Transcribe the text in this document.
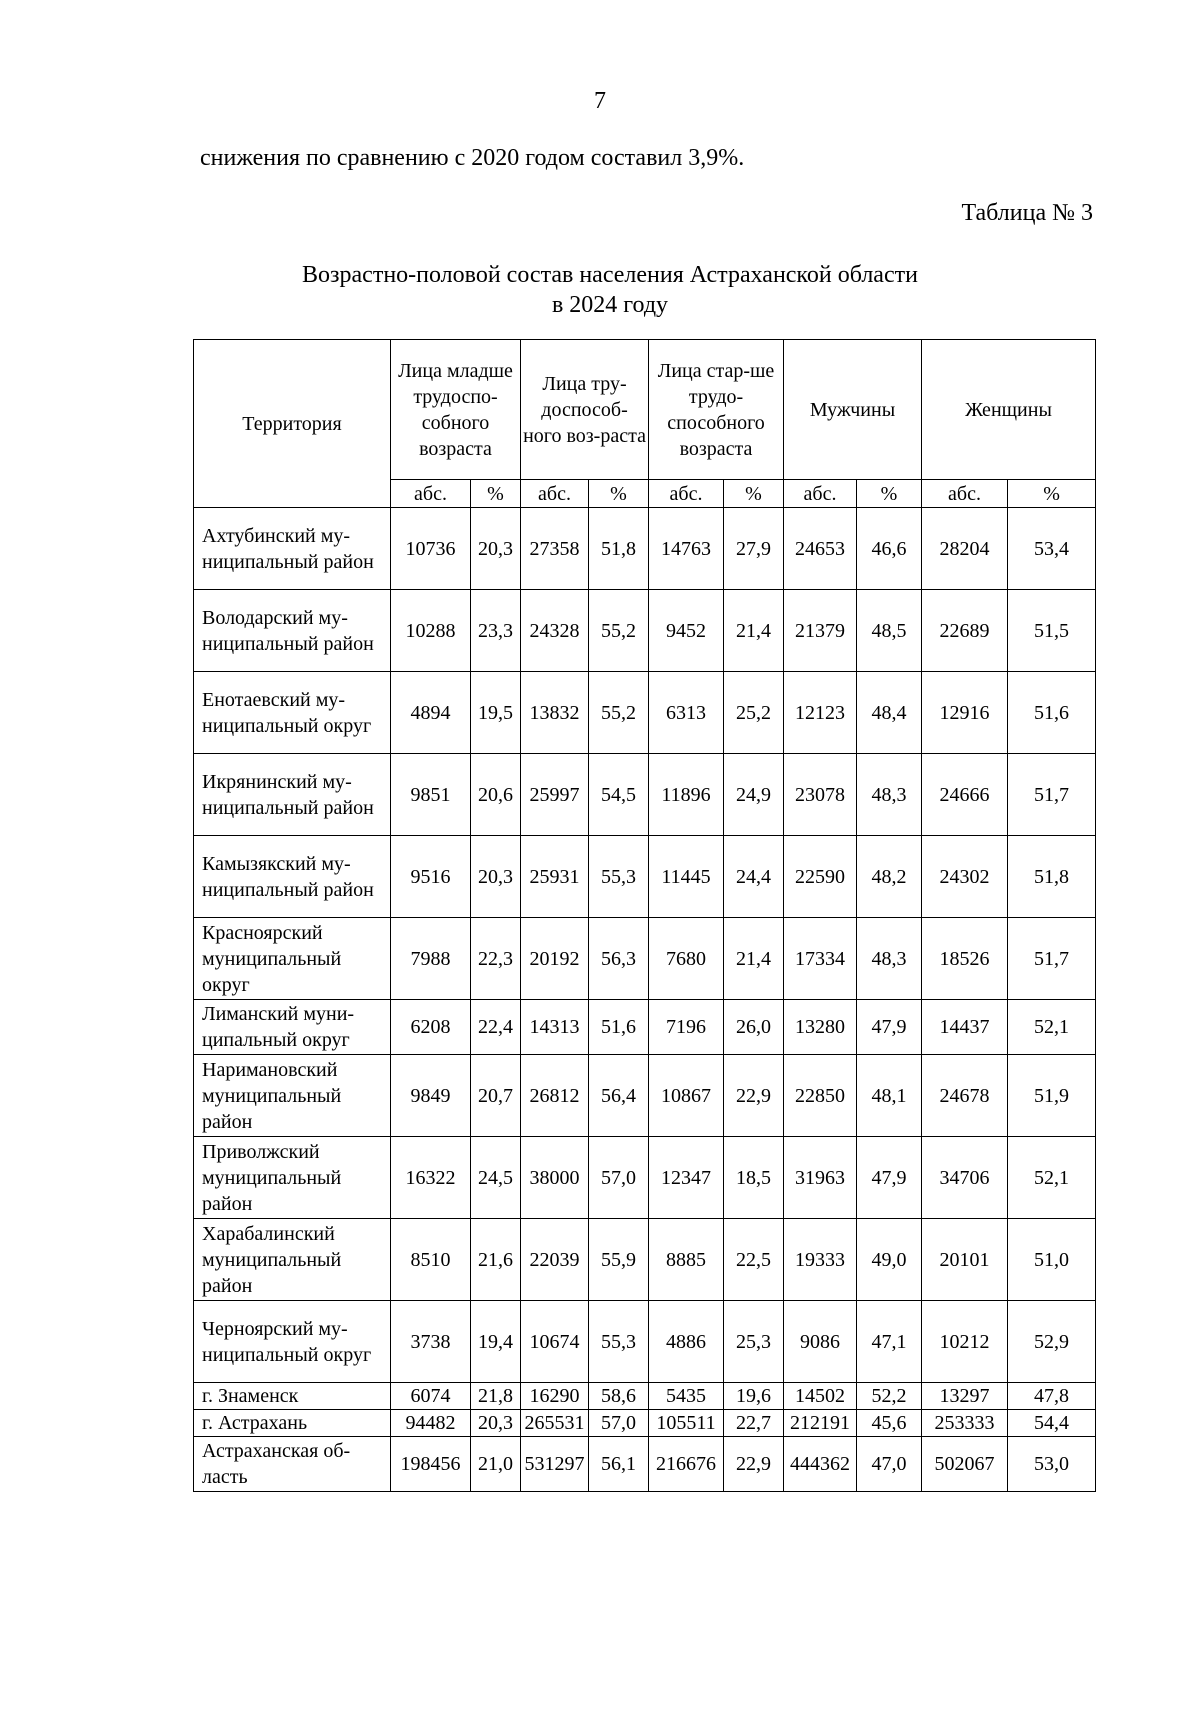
7
снижения по сравнению с 2020 годом составил 3,9%.
Таблица № 3
Возрастно-половой состав населения Астраханской области
в 2024 году
Территория	Лица младше трудоспо-собного возраста		Лица тру-доспособ-ного воз-раста		Лица стар-ше трудо-способного возраста		Мужчины		Женщины	
	абс.	%	абс.	%	абс.	%	абс.	%	абс.	%
Ахтубинский му-ниципальный район	10736	20,3	27358	51,8	14763	27,9	24653	46,6	28204	53,4
Володарский му-ниципальный район	10288	23,3	24328	55,2	9452	21,4	21379	48,5	22689	51,5
Енотаевский му-ниципальный округ	4894	19,5	13832	55,2	6313	25,2	12123	48,4	12916	51,6
Икрянинский му-ниципальный район	9851	20,6	25997	54,5	11896	24,9	23078	48,3	24666	51,7
Камызякский му-ниципальный район	9516	20,3	25931	55,3	11445	24,4	22590	48,2	24302	51,8
Красноярский муниципальный округ	7988	22,3	20192	56,3	7680	21,4	17334	48,3	18526	51,7
Лиманский муни-ципальный округ	6208	22,4	14313	51,6	7196	26,0	13280	47,9	14437	52,1
Наримановский муниципальный район	9849	20,7	26812	56,4	10867	22,9	22850	48,1	24678	51,9
Приволжский муниципальный район	16322	24,5	38000	57,0	12347	18,5	31963	47,9	34706	52,1
Харабалинский муниципальный район	8510	21,6	22039	55,9	8885	22,5	19333	49,0	20101	51,0
Черноярский му-ниципальный округ	3738	19,4	10674	55,3	4886	25,3	9086	47,1	10212	52,9
г. Знаменск	6074	21,8	16290	58,6	5435	19,6	14502	52,2	13297	47,8
г. Астрахань	94482	20,3	265531	57,0	105511	22,7	212191	45,6	253333	54,4
Астраханская об-ласть	198456	21,0	531297	56,1	216676	22,9	444362	47,0	502067	53,0
